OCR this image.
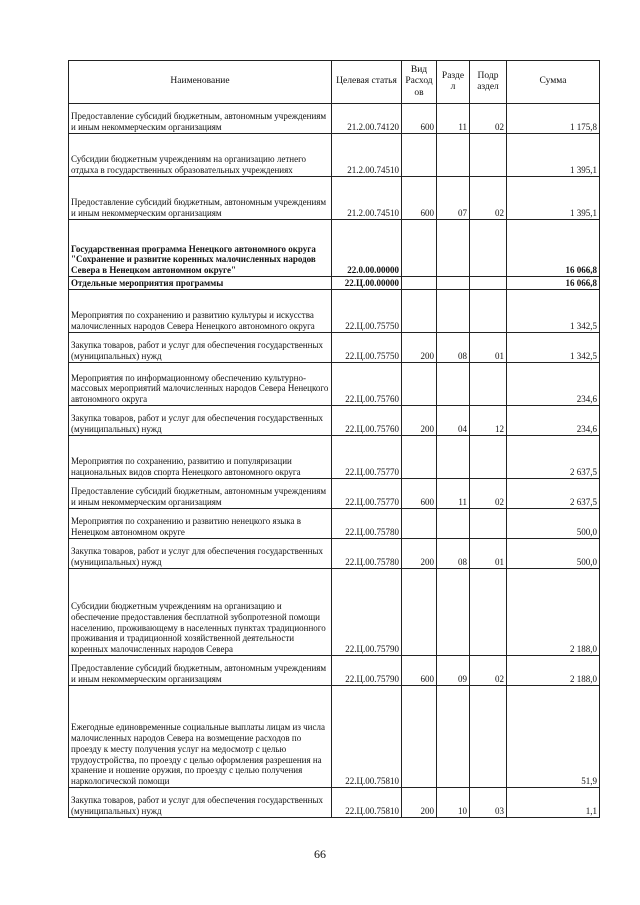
Наименование	Целевая статья	Вид Расход ов	Разде л	Подр аздел	Сумма
Предоставление субсидий бюджетным, автономным учреждениям и иным некоммерческим организациям	21.2.00.74120	600	11	02	1 175,8
Субсидии бюджетным учреждениям на организацию летнего отдыха в государственных образовательных учреждениях	21.2.00.74510				1 395,1
Предоставление субсидий бюджетным, автономным учреждениям и иным некоммерческим организациям	21.2.00.74510	600	07	02	1 395,1
Государственная программа Ненецкого автономного округа "Сохранение и развитие коренных малочисленных народов Севера в Ненецком автономном округе"	22.0.00.00000				16 066,8
Отдельные мероприятия программы	22.Ц.00.00000				16 066,8
Мероприятия по сохранению и развитию культуры и искусства малочисленных народов Севера Ненецкого автономного округа	22.Ц.00.75750				1 342,5
Закупка товаров, работ и услуг для обеспечения государственных (муниципальных) нужд	22.Ц.00.75750	200	08	01	1 342,5
Мероприятия по информационному обеспечению культурно-массовых мероприятий малочисленных народов Севера Ненецкого автономного округа	22.Ц.00.75760				234,6
Закупка товаров, работ и услуг для обеспечения государственных (муниципальных) нужд	22.Ц.00.75760	200	04	12	234,6
Мероприятия по сохранению, развитию и популяризации национальных видов спорта Ненецкого автономного округа	22.Ц.00.75770				2 637,5
Предоставление субсидий бюджетным, автономным учреждениям и иным некоммерческим организациям	22.Ц.00.75770	600	11	02	2 637,5
Мероприятия по сохранению и развитию ненецкого языка в Ненецком автономном округе	22.Ц.00.75780				500,0
Закупка товаров, работ и услуг для обеспечения государственных (муниципальных) нужд	22.Ц.00.75780	200	08	01	500,0
Субсидии бюджетным учреждениям на организацию и обеспечение предоставления бесплатной зубопротезной помощи населению, проживающему в населенных пунктах традиционного проживания и традиционной хозяйственной деятельности коренных малочисленных народов Севера	22.Ц.00.75790				2 188,0
Предоставление субсидий бюджетным, автономным учреждениям и иным некоммерческим организациям	22.Ц.00.75790	600	09	02	2 188,0
Ежегодные единовременные социальные выплаты лицам из числа малочисленных народов Севера на возмещение расходов по проезду к месту получения услуг на медосмотр с целью трудоустройства, по проезду с целью оформления разрешения на хранение и ношение оружия, по проезду с целью получения наркологической помощи	22.Ц.00.75810				51,9
Закупка товаров, работ и услуг для обеспечения государственных (муниципальных) нужд	22.Ц.00.75810	200	10	03	1,1
66
